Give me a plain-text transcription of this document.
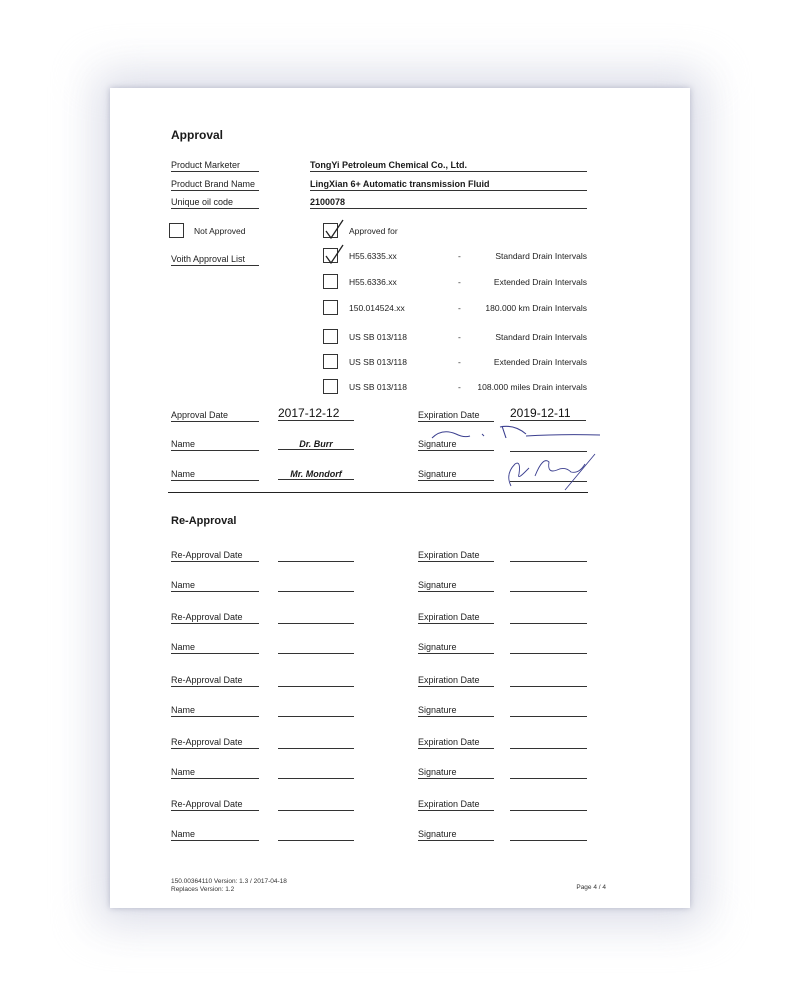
Approval
Product Marketer	TongYi Petroleum Chemical Co., Ltd.
Product Brand Name	LingXian 6+ Automatic transmission Fluid
Unique oil code	2100078
Not Approved	Approved for
Voith Approval List	H55.6335.xx	-	Standard Drain Intervals
H55.6336.xx	-	Extended Drain Intervals
150.014524.xx	-	180.000 km Drain Intervals
US SB 013/118	-	Standard Drain Intervals
US SB 013/118	-	Extended Drain Intervals
US SB 013/118	- 108.000 miles Drain intervals
Approval Date	2017-12-12	Expiration Date	2019-12-11
Name	Dr. Burr	Signature
Name	Mr. Mondorf	Signature
Re-Approval
Re-Approval Date	Expiration Date
Name	Signature
Re-Approval Date	Expiration Date
Name	Signature
Re-Approval Date	Expiration Date
Name	Signature
Re-Approval Date	Expiration Date
Name	Signature
Re-Approval Date	Expiration Date
Name	Signature
150.00364110 Version: 1.3 / 2017-04-18
Replaces Version: 1.2	Page 4 / 4
